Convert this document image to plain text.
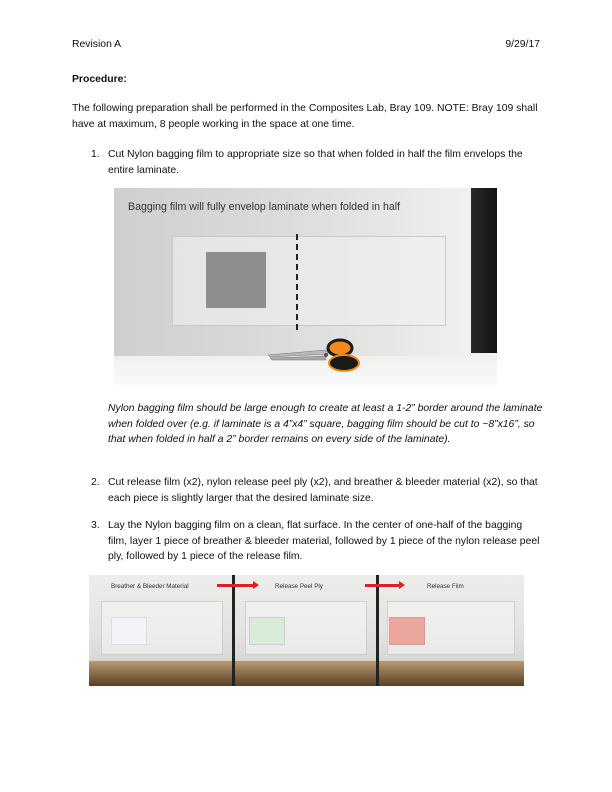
Revision A	9/29/17
Procedure:
The following preparation shall be performed in the Composites Lab, Bray 109. NOTE: Bray 109 shall have at maximum, 8 people working in the space at one time.
1. Cut Nylon bagging film to appropriate size so that when folded in half the film envelops the entire laminate.
Bagging film will fully envelop laminate when folded in half
Nylon bagging film should be large enough to create at least a 1-2” border around the laminate when folded over (e.g. if laminate is a 4”x4” square, bagging film should be cut to ~8”x16”, so that when folded in half a 2” border remains on every side of the laminate).
2. Cut release film (x2), nylon release peel ply (x2), and breather & bleeder material (x2), so that each piece is slightly larger that the desired laminate size.
3. Lay the Nylon bagging film on a clean, flat surface. In the center of one-half of the bagging film, layer 1 piece of breather & bleeder material, followed by 1 piece of the nylon release peel ply, followed by 1 piece of the release film.
Breather & Bleeder Material	Release Peel Ply	Release Film
